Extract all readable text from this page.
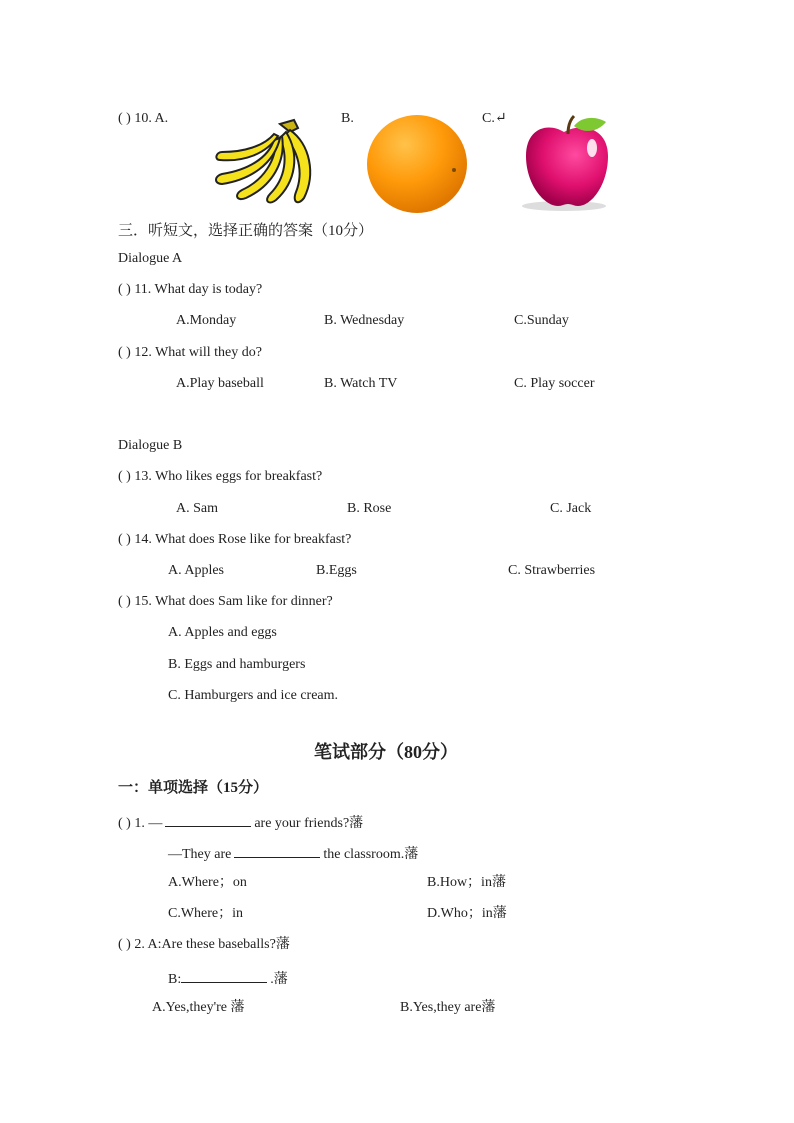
( ) 10. A.	B.	C.↵
三．听短文，选择正确的答案（10分）
Dialogue A
( ) 11. What day is today?
A.Monday	B. Wednesday	C.Sunday
( ) 12. What will they do?
A.Play baseball	B. Watch TV	C. Play soccer
Dialogue B
( ) 13. Who likes eggs for breakfast?
A. Sam	B. Rose	C. Jack
( ) 14. What does Rose like for breakfast?
A. Apples	B.Eggs	C. Strawberries
( ) 15. What does Sam like for dinner?
A. Apples and eggs
B. Eggs and hamburgers
C. Hamburgers and ice cream.
笔试部分（80分）
一：单项选择（15分）
( ) 1. —	are your friends?藩
—They are	the classroom.藩
A.Where；on	B.How；in藩
C.Where；in	D.Who；in藩
( ) 2. A:Are these baseballs?藩
B:	.藩
A.Yes,they're 藩	B.Yes,they are藩
